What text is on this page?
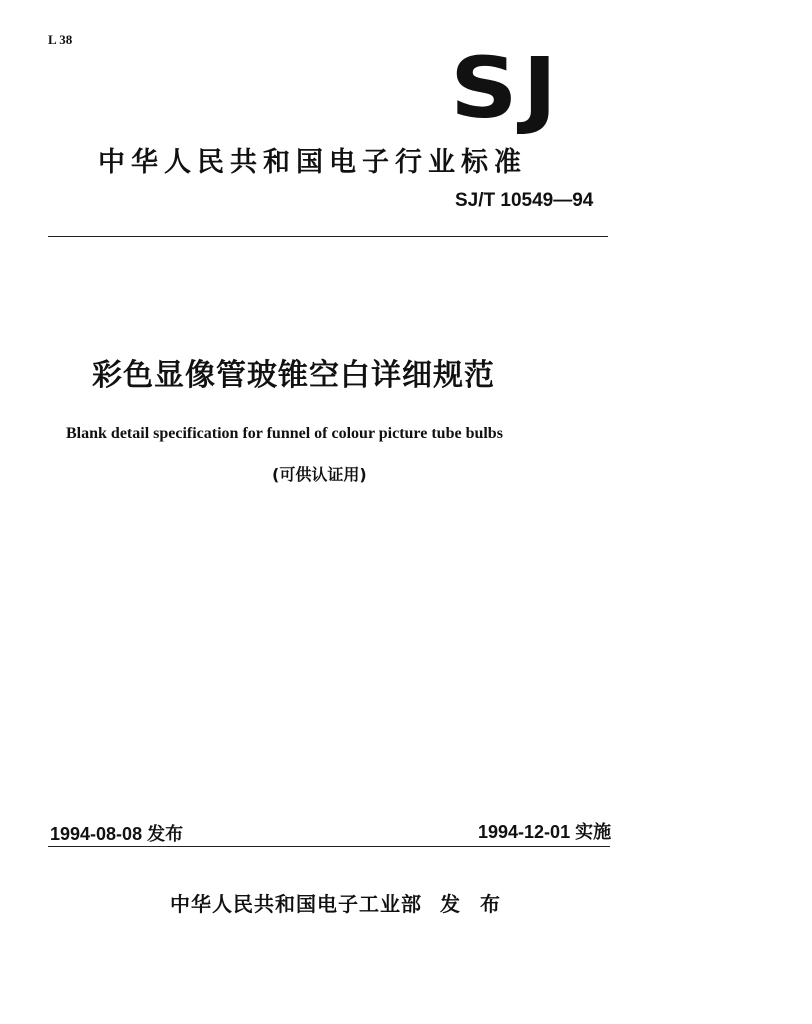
L 38	SJ
中华人民共和国电子行业标准
SJ/T 10549—94
彩色显像管玻锥空白详细规范
Blank detail specification for funnel of colour picture tube bulbs
(可供认证用)
1994-08-08 发布	1994-12-01 实施
中华人民共和国电子工业部 发布
